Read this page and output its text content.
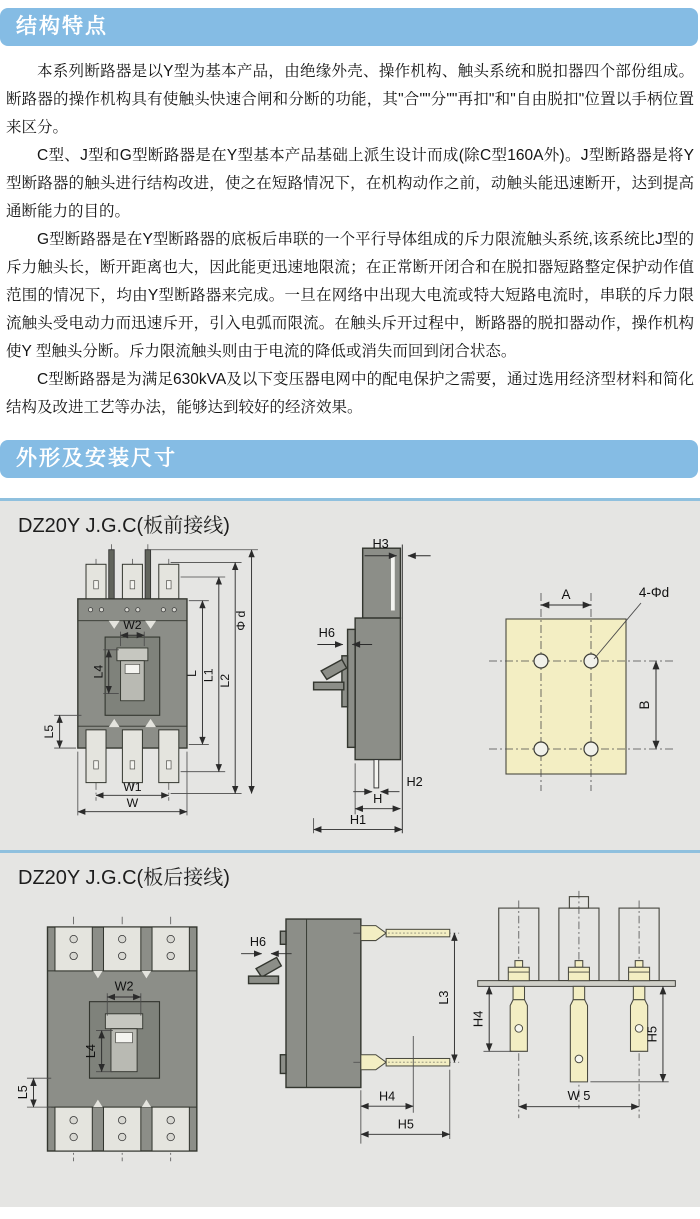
结构特点

本系列断路器是以Y型为基本产品，由绝缘外壳、操作机构、触头系统和脱扣器四个部份组成。断路器的操作机构具有使触头快速合闸和分断的功能，其"合""分""再扣"和"自由脱扣"位置以手柄位置来区分。

C型、J型和G型断路器是在Y型基本产品基础上派生设计而成(除C型160A外)。J型断路器是将Y型断路器的触头进行结构改进，使之在短路情况下，在机构动作之前，动触头能迅速断开，达到提高通断能力的目的。

G型断路器是在Y型断路器的底板后串联的一个平行导体组成的斥力限流触头系统,该系统比J型的斥力触头长，断开距离也大，因此能更迅速地限流；在正常断开闭合和在脱扣器短路整定保护动作值范围的情况下，均由Y型断路器来完成。一旦在网络中出现大电流或特大短路电流时，串联的斥力限流触头受电动力而迅速斥开，引入电弧而限流。在触头斥开过程中，断路器的脱扣器动作，操作机构使Y 型触头分断。斥力限流触头则由于电流的降低或消失而回到闭合状态。

C型断路器是为满足630kVA及以下变压器电网中的配电保护之需要，通过选用经济型材料和简化结构及改进工艺等办法，能够达到较好的经济效果。

外形及安装尺寸
DZ20Y J.G.C(板前接线)
W2
L4
L5
W1
W
L L1 L2
Φ d
H3
H6
H2
H
H1
A	4-Φd
B
DZ20Y J.G.C(板后接线)
W2
L4
L5
H6
L3
H4
H5
H4
H5
W 5
